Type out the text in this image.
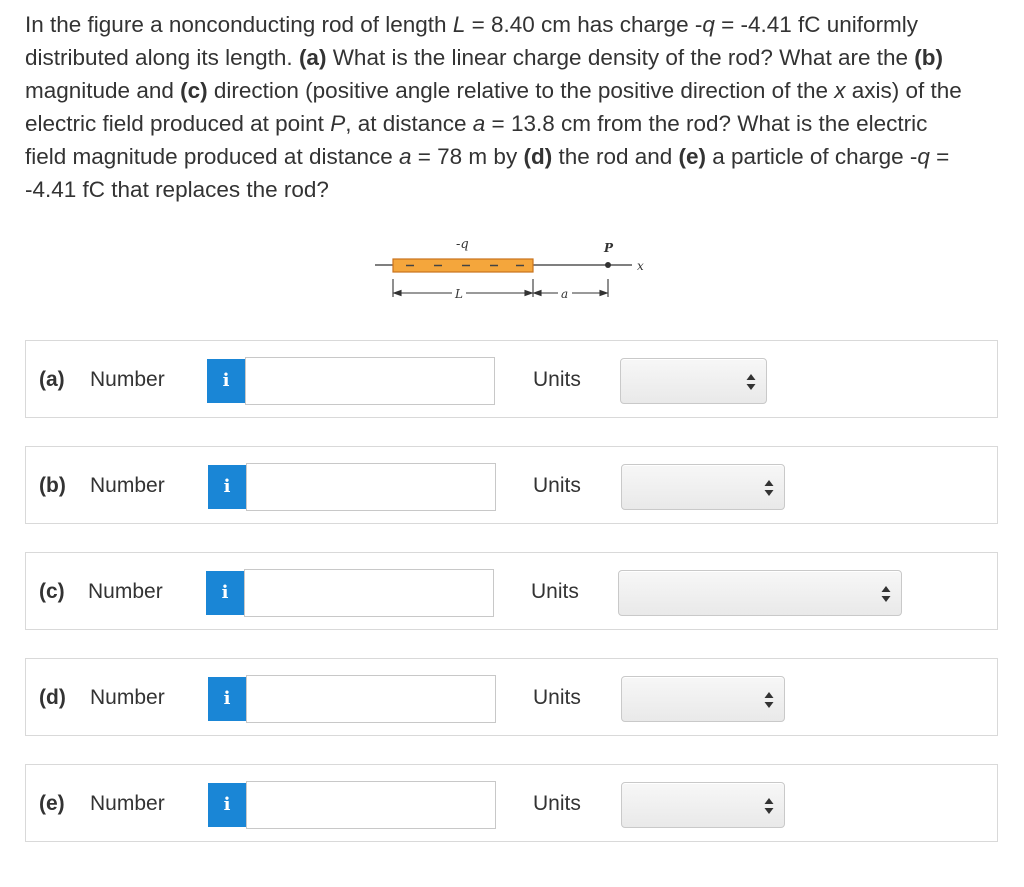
In the figure a nonconducting rod of length L = 8.40 cm has charge -q = -4.41 fC uniformly
distributed along its length. (a) What is the linear charge density of the rod? What are the (b)
magnitude and (c) direction (positive angle relative to the positive direction of the x axis) of the
electric field produced at point P, at distance a = 13.8 cm from the rod? What is the electric
field magnitude produced at distance a = 78 m by (d) the rod and (e) a particle of charge -q =
-4.41 fC that replaces the rod?
-q	P
x
L	a
(a) Number	i	Units
(b) Number	i	Units
(c) Number	i	Units
(d) Number	i	Units
(e) Number	i	Units
